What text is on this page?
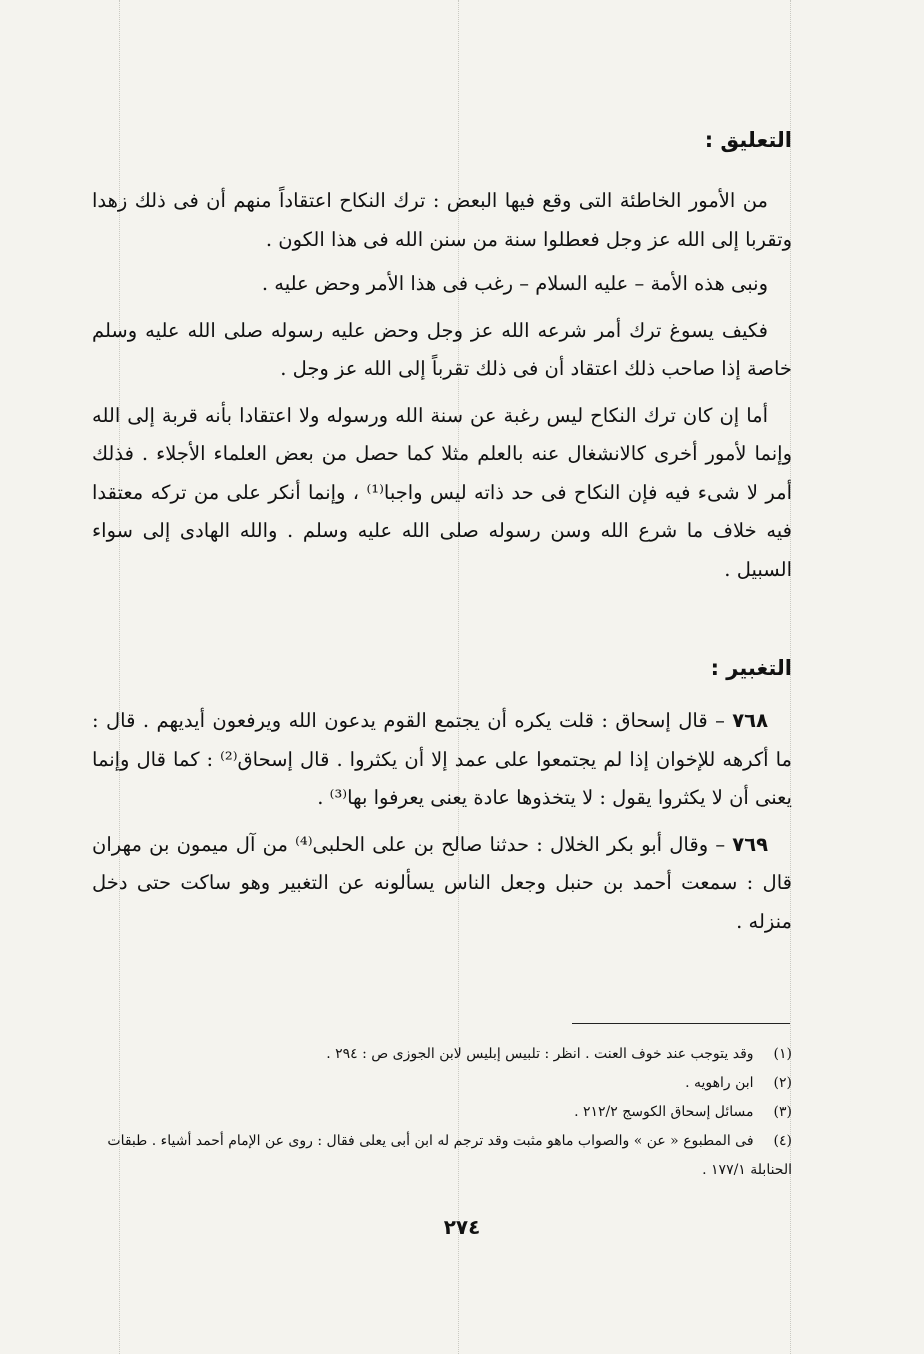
التعليق :

من الأمور الخاطئة التى وقع فيها البعض : ترك النكاح اعتقاداً منهم أن فى ذلك زهدا وتقربا إلى الله عز وجل فعطلوا سنة من سنن الله فى هذا الكون .

ونبى هذه الأمة – عليه السلام – رغب فى هذا الأمر وحض عليه .

فكيف يسوغ ترك أمر شرعه الله عز وجل وحض عليه رسوله صلى الله عليه وسلم خاصة إذا صاحب ذلك اعتقاد أن فى ذلك تقرباً إلى الله عز وجل .

أما إن كان ترك النكاح ليس رغبة عن سنة الله ورسوله ولا اعتقادا بأنه قربة إلى الله وإنما لأمور أخرى كالانشغال عنه بالعلم مثلا كما حصل من بعض العلماء الأجلاء . فذلك أمر لا شىء فيه فإن النكاح فى حد ذاته ليس واجبا⁽¹⁾ ، وإنما أنكر على من تركه معتقدا فيه خلاف ما شرع الله وسن رسوله صلى الله عليه وسلم . والله الهادى إلى سواء السبيل .

التغبير :

٧٦٨ – قال إسحاق : قلت يكره أن يجتمع القوم يدعون الله ويرفعون أيديهم . قال : ما أكرهه للإخوان إذا لم يجتمعوا على عمد إلا أن يكثروا . قال إسحاق⁽²⁾ : كما قال وإنما يعنى أن لا يكثروا يقول : لا يتخذوها عادة يعنى يعرفوا بها⁽³⁾ .

٧٦٩ – وقال أبو بكر الخلال : حدثنا صالح بن على الحلبى⁽⁴⁾ من آل ميمون بن مهران قال : سمعت أحمد بن حنبل وجعل الناس يسألونه عن التغبير وهو ساكت حتى دخل منزله .

(١) وقد يتوجب عند خوف العنت . انظر : تلبيس إبليس لابن الجوزى ص : ٢٩٤ .
(٢) ابن راهويه .
(٣) مسائل إسحاق الكوسج ٢١٢/٢ .
(٤) فى المطبوع « عن » والصواب ماهو مثبت وقد ترجم له ابن أبى يعلى فقال : روى عن الإمام أحمد أشياء . طبقات الحنابلة ١٧٧/١ .
٢٧٤
